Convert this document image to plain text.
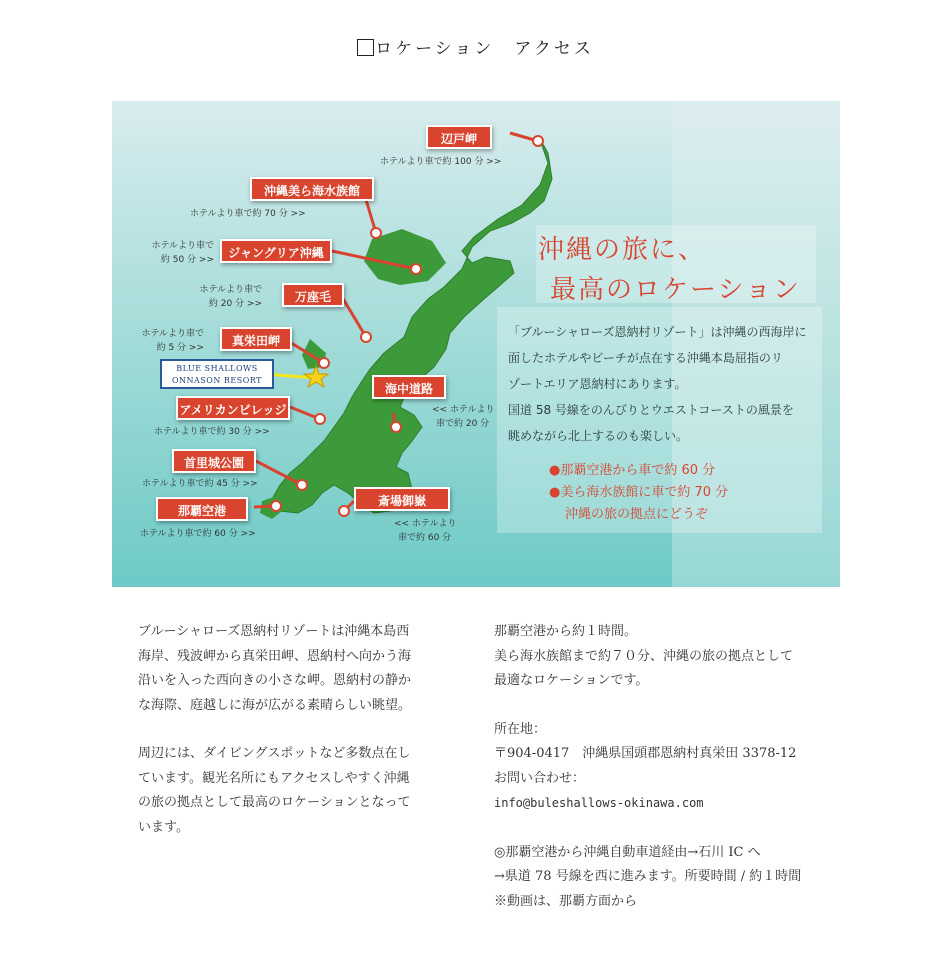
ロケーション　アクセス
辺戸岬
ホテルより車で約 100 分 >>
沖縄美ら海水族館
ホテルより車で約 70 分 >>
ジャングリア沖縄
ホテルより車で
約 50 分 >>
万座毛
ホテルより車で
約 20 分 >>
真栄田岬
ホテルより車で
約 5 分 >>
BLUE SHALLOWS
ONNASON RESORT
アメリカンビレッジ
ホテルより車で約 30 分 >>
海中道路
<< ホテルより
車で約 20 分
首里城公園
ホテルより車で約 45 分 >>
那覇空港
ホテルより車で約 60 分 >>
斎場御嶽
<< ホテルより
車で約 60 分
沖縄の旅に、
最高のロケーション
「ブルーシャローズ恩納村リゾート」は沖縄の西海岸に
面したホテルやビーチが点在する沖縄本島屈指のリ
ゾートエリア恩納村にあります。
国道 58 号線をのんびりとウエストコーストの風景を
眺めながら北上するのも楽しい。
●那覇空港から車で約 60 分
●美ら海水族館に車で約 70 分
沖縄の旅の拠点にどうぞ

ブルーシャローズ恩納村リゾートは沖縄本島西
海岸、残波岬から真栄田岬、恩納村へ向かう海
沿いを入った西向きの小さな岬。恩納村の静か
な海際、庭越しに海が広がる素晴らしい眺望。

周辺には、ダイビングスポットなど多数点在し
ています。観光名所にもアクセスしやすく沖縄
の旅の拠点として最高のロケーションとなって
います。

那覇空港から約１時間。
美ら海水族館まで約７０分、沖縄の旅の拠点として
最適なロケーションです。

所在地：
〒904-0417　沖縄県国頭郡恩納村真栄田 3378-12
お問い合わせ：
info@buleshallows-okinawa.com

◎那覇空港から沖縄自動車道経由→石川 IC へ
→県道 78 号線を西に進みます。所要時間 / 約１時間
※動画は、那覇方面から
